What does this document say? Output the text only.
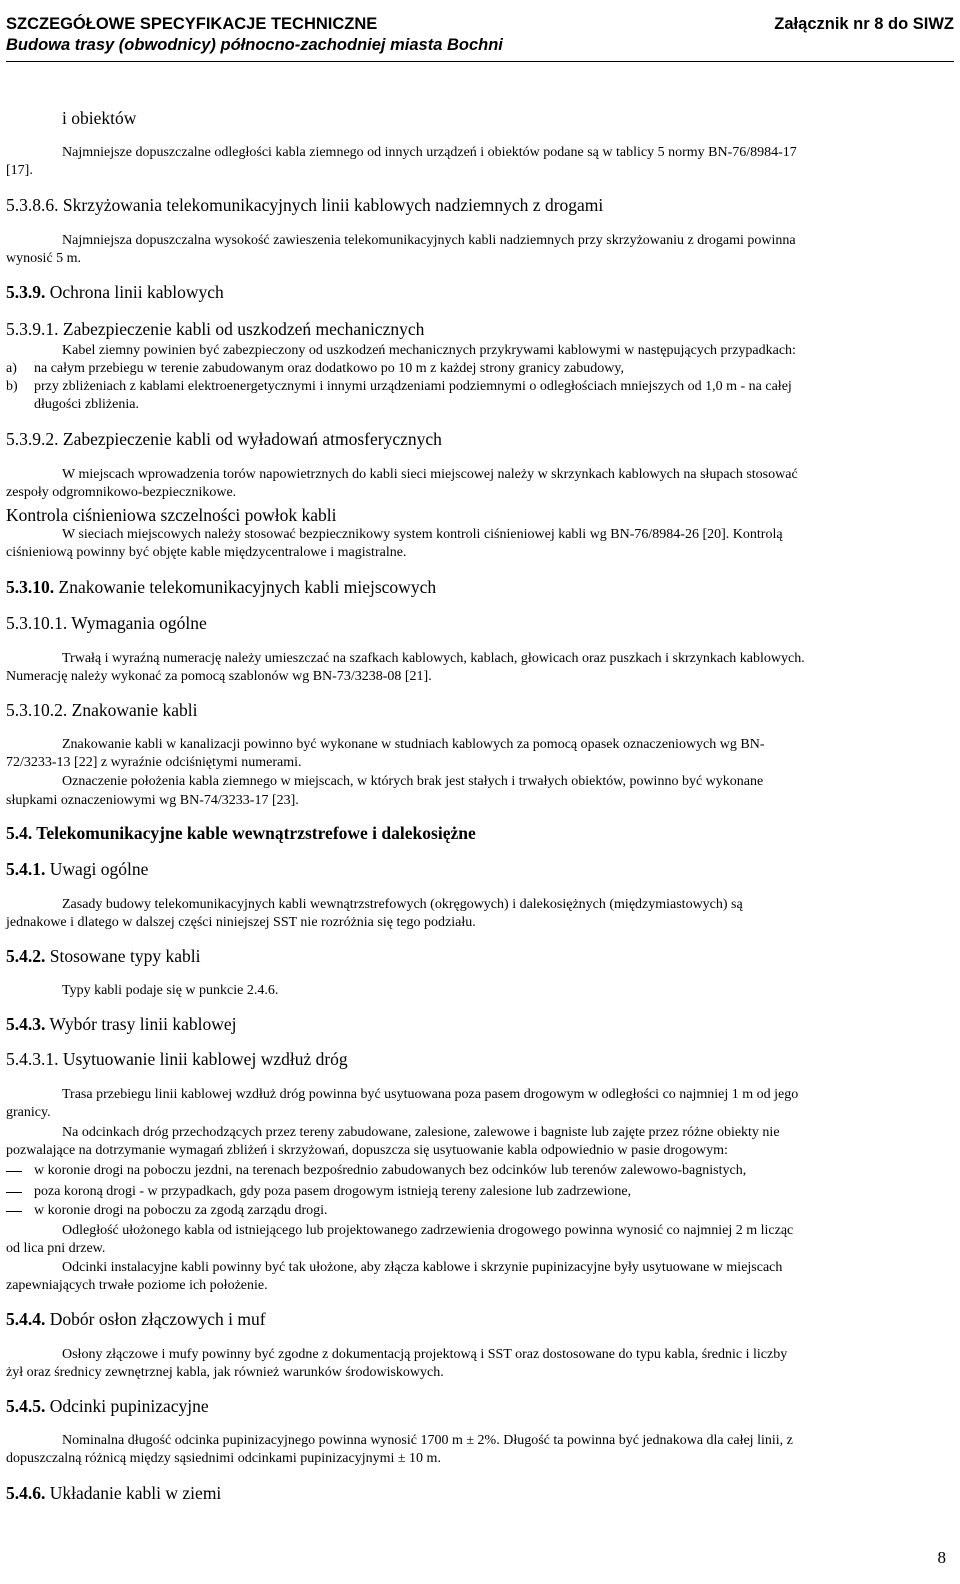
SZCZEGÓŁOWE SPECYFIKACJE TECHNICZNE
Budowa trasy (obwodnicy) północno-zachodniej miasta Bochni
Załącznik nr 8 do SIWZ
i obiektów
Najmniejsze dopuszczalne odległości kabla ziemnego od innych urządzeń i obiektów podane są w tablicy 5 normy BN-76/8984-17
[17].
5.3.8.6. Skrzyżowania telekomunikacyjnych linii kablowych nadziemnych z drogami
Najmniejsza dopuszczalna wysokość zawieszenia telekomunikacyjnych kabli nadziemnych przy skrzyżowaniu z drogami powinna
wynosić 5 m.
5.3.9. Ochrona linii kablowych
5.3.9.1. Zabezpieczenie kabli od uszkodzeń mechanicznych
Kabel ziemny powinien być zabezpieczony od uszkodzeń mechanicznych przykrywami kablowymi w następujących przypadkach:
a) na całym przebiegu w terenie zabudowanym oraz dodatkowo po 10 m z każdej strony granicy zabudowy,
b) przy zbliżeniach z kablami elektroenergetycznymi i innymi urządzeniami podziemnymi o odległościach mniejszych od 1,0 m - na całej
długości zbliżenia.
5.3.9.2. Zabezpieczenie kabli od wyładowań atmosferycznych
W miejscach wprowadzenia torów napowietrznych do kabli sieci miejscowej należy w skrzynkach kablowych na słupach stosować
zespoły odgromnikowo-bezpiecznikowe.
Kontrola ciśnieniowa szczelności powłok kabli
W sieciach miejscowych należy stosować bezpiecznikowy system kontroli ciśnieniowej kabli wg BN-76/8984-26 [20]. Kontrolą
ciśnieniową powinny być objęte kable międzycentralowe i magistralne.
5.3.10. Znakowanie telekomunikacyjnych kabli miejscowych
5.3.10.1. Wymagania ogólne
Trwałą i wyraźną numerację należy umieszczać na szafkach kablowych, kablach, głowicach oraz puszkach i skrzynkach kablowych.
Numerację należy wykonać za pomocą szablonów wg BN-73/3238-08 [21].
5.3.10.2. Znakowanie kabli
Znakowanie kabli w kanalizacji powinno być wykonane w studniach kablowych za pomocą opasek oznaczeniowych wg BN-
72/3233-13 [22] z wyraźnie odciśniętymi numerami.
Oznaczenie położenia kabla ziemnego w miejscach, w których brak jest stałych i trwałych obiektów, powinno być wykonane
słupkami oznaczeniowymi wg BN-74/3233-17 [23].
5.4. Telekomunikacyjne kable wewnątrzstrefowe i dalekosiężne
5.4.1. Uwagi ogólne
Zasady budowy telekomunikacyjnych kabli wewnątrzstrefowych (okręgowych) i dalekosiężnych (międzymiastowych) są
jednakowe i dlatego w dalszej części niniejszej SST nie rozróżnia się tego podziału.
5.4.2. Stosowane typy kabli
Typy kabli podaje się w punkcie 2.4.6.
5.4.3. Wybór trasy linii kablowej
5.4.3.1. Usytuowanie linii kablowej wzdłuż dróg
Trasa przebiegu linii kablowej wzdłuż dróg powinna być usytuowana poza pasem drogowym w odległości co najmniej 1 m od jego
granicy.
Na odcinkach dróg przechodzących przez tereny zabudowane, zalesione, zalewowe i bagniste lub zajęte przez różne obiekty nie
pozwalające na dotrzymanie wymagań zbliżeń i skrzyżowań, dopuszcza się usytuowanie kabla odpowiednio w pasie drogowym:
w koronie drogi na poboczu jezdni, na terenach bezpośrednio zabudowanych bez odcinków lub terenów zalewowo-bagnistych,
poza koroną drogi - w przypadkach, gdy poza pasem drogowym istnieją tereny zalesione lub zadrzewione,
w koronie drogi na poboczu za zgodą zarządu drogi.
Odległość ułożonego kabla od istniejącego lub projektowanego zadrzewienia drogowego powinna wynosić co najmniej 2 m licząc
od lica pni drzew.
Odcinki instalacyjne kabli powinny być tak ułożone, aby złącza kablowe i skrzynie pupinizacyjne były usytuowane w miejscach
zapewniających trwałe poziome ich położenie.
5.4.4. Dobór osłon złączowych i muf
Osłony złączowe i mufy powinny być zgodne z dokumentacją projektową i SST oraz dostosowane do typu kabla, średnic i liczby
żył oraz średnicy zewnętrznej kabla, jak również warunków środowiskowych.
5.4.5. Odcinki pupinizacyjne
Nominalna długość odcinka pupinizacyjnego powinna wynosić 1700 m ± 2%. Długość ta powinna być jednakowa dla całej linii, z
dopuszczalną różnicą między sąsiednimi odcinkami pupinizacyjnymi ± 10 m.
5.4.6. Układanie kabli w ziemi
8
